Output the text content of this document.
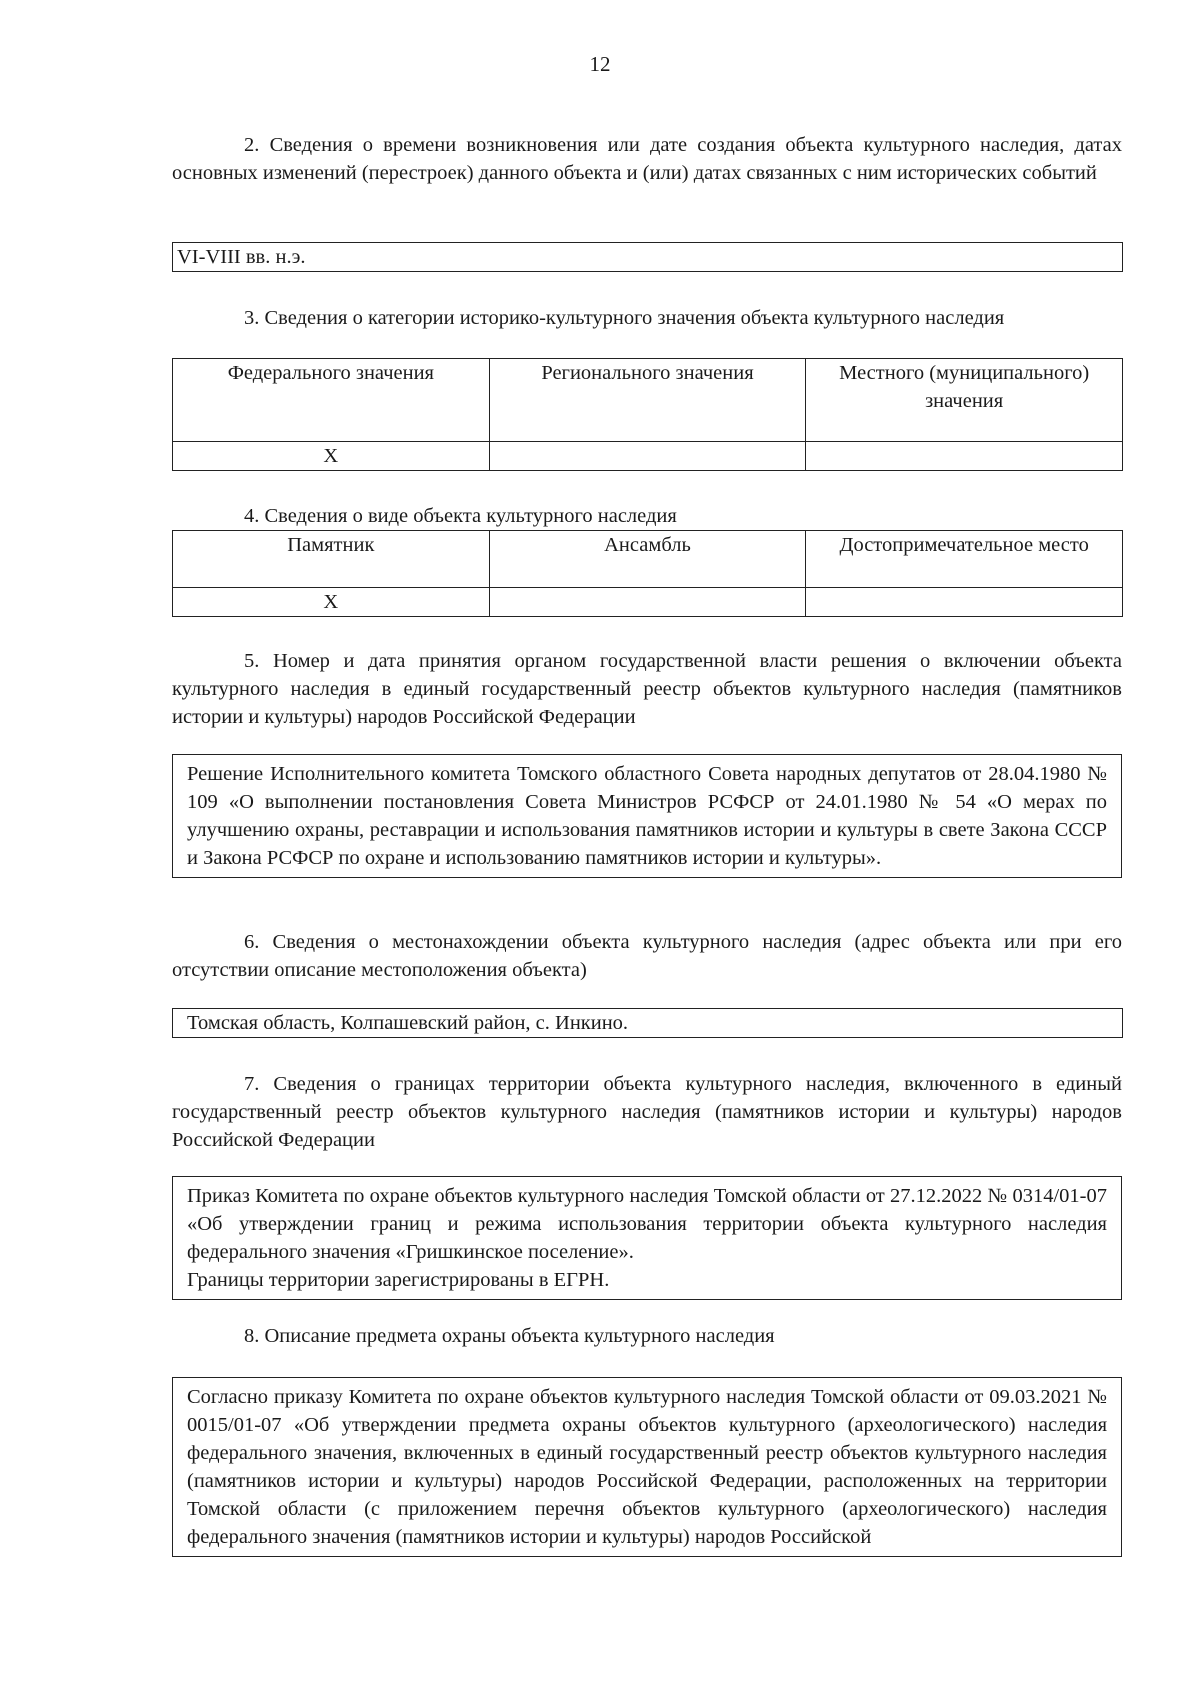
12
2. Сведения о времени возникновения или дате создания объекта культурного наследия, датах основных изменений (перестроек) данного объекта и (или) датах связанных с ним исторических событий
VI-VIII вв. н.э.
3. Сведения о категории историко-культурного значения объекта культурного наследия
Федерального значения	Регионального значения	Местного (муниципального) значения
Х		
4. Сведения о виде объекта культурного наследия
Памятник	Ансамбль	Достопримечательное место
Х		
5. Номер и дата принятия органом государственной власти решения о включении объекта культурного наследия в единый государственный реестр объектов культурного наследия (памятников истории и культуры) народов Российской Федерации
Решение Исполнительного комитета Томского областного Совета народных депутатов от 28.04.1980 № 109 «О выполнении постановления Совета Министров РСФСР от 24.01.1980 № 54 «О мерах по улучшению охраны, реставрации и использования памятников истории и культуры в свете Закона СССР и Закона РСФСР по охране и использованию памятников истории и культуры».
6. Сведения о местонахождении объекта культурного наследия (адрес объекта или при его отсутствии описание местоположения объекта)
Томская область, Колпашевский район, с. Инкино.
7. Сведения о границах территории объекта культурного наследия, включенного в единый государственный реестр объектов культурного наследия (памятников истории и культуры) народов Российской Федерации
Приказ Комитета по охране объектов культурного наследия Томской области от 27.12.2022 № 0314/01-07 «Об утверждении границ и режима использования территории объекта культурного наследия федерального значения «Гришкинское поселение».
Границы территории зарегистрированы в ЕГРН.
8. Описание предмета охраны объекта культурного наследия
Согласно приказу Комитета по охране объектов культурного наследия Томской области от 09.03.2021 № 0015/01-07 «Об утверждении предмета охраны объектов культурного (археологического) наследия федерального значения, включенных в единый государственный реестр объектов культурного наследия (памятников истории и культуры) народов Российской Федерации, расположенных на территории Томской области (с приложением перечня объектов культурного (археологического) наследия федерального значения (памятников истории и культуры) народов Российской
